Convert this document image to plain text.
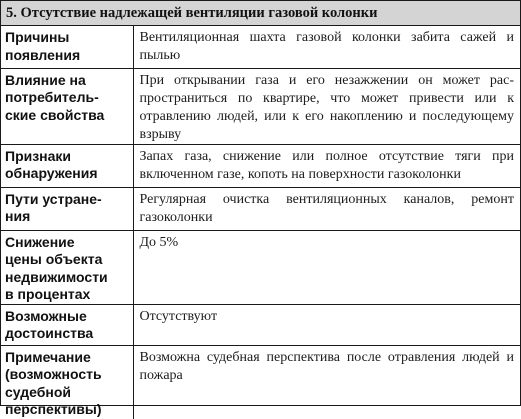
5. Отсутствие надлежащей вентиляции газовой колонки
Причины
появления	Вентиляционная шахта газовой колонки забита сажей и пылью

Влияние на
потребитель-
ские свойства	При открывании газа и его незажжении он может распространиться по квартире, что может привести или к отравлению людей, или к его накоплению и последующему взрыву

Признаки
обнаружения	Запах газа, снижение или полное отсутствие тяги при включенном газе, копоть на поверхности газоколонки

Пути устране-
ния	Регулярная очистка вентиляционных каналов, ремонт газоколонки

Снижение
цены объекта
недвижимости
в процентах	До 5%

Возможные
достоинства	Отсутствуют

Примечание
(возможность
судебной
перспективы)	Возможна судебная перспектива после отравления людей и пожара
